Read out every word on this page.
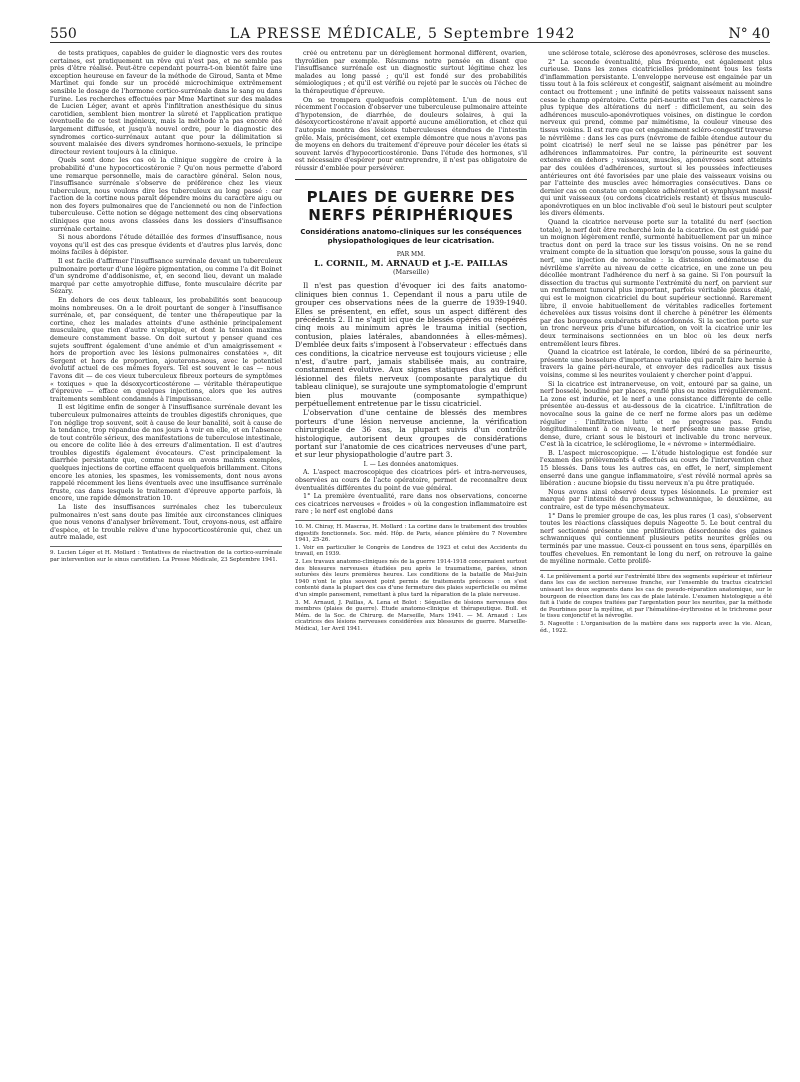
550	LA PRESSE MÉDICALE, 5 Septembre 1942	N° 40

de tests pratiques, capables de guider le diagnostic vers des routes certaines, est pratiquement un rêve qui n'est pas, et ne semble pas près d'être réalisé. Peut-être cependant pourra-t-on bientôt faire une exception heureuse en faveur de la méthode de Giroud, Santa et Mme Martinet qui fonde sur un procédé microchimique extrêmement sensible le dosage de l'hormone cortico-surrénale dans le sang ou dans l'urine. Les recherches effectuées par Mme Martinet sur des malades de Lucien Léger, avant et après l'infiltration anesthésique du sinus carotidien, semblent bien montrer la sûreté et l'application pratique éventuelle de ce test ingénieux, mais la méthode n'a pas encore été largement diffusée, et jusqu'à nouvel ordre, pour le diagnostic des syndromes cortico-surrénaux autant que pour la délimitation si souvent malaisée des divers syndromes hormono-sexuels, le principe directeur revient toujours à la clinique.

Quels sont donc les cas où la clinique suggère de croire à la probabilité d'une hypocorticostéronie ? Qu'on nous permette d'abord une remarque personnelle, mais de caractère général. Selon nous, l'insuffisance surrénale s'observe de préférence chez les vieux tuberculeux, nous voulons dire les tuberculeux au long passé : car l'action de la cortine nous paraît dépendre moins du caractère aigu ou non des foyers pulmonaires que de l'ancienneté ou non de l'infection tuberculeuse. Cette notion se dégage nettement des cinq observations cliniques que nous avons classées dans les dossiers d'insuffisance surrénale certaine.

Si nous abordons l'étude détaillée des formes d'insuffisance, nous voyons qu'il est des cas presque évidents et d'autres plus larvés, donc moins faciles à dépister.

Il est facile d'affirmer l'insuffisance surrénale devant un tuberculeux pulmonaire porteur d'une légère pigmentation, ou comme l'a dit Boinet d'un syndrome d'addisonisme, et, en second lieu, devant un malade marqué par cette amyotrophie diffuse, fonte musculaire décrite par Sézary.

En dehors de ces deux tableaux, les probabilités sont beaucoup moins nombreuses. On a le droit pourtant de songer à l'insuffisance surrénale, et, par conséquent, de tenter une thérapeutique par la cortine, chez les malades atteints d'une asthénie principalement musculaire, que rien d'autre n'explique, et dont la tension maxima demeure constamment basse. On doit surtout y penser quand ces sujets souffrent également d'une anémie et d'un amaigrissement « hors de proportion avec les lésions pulmonaires constatées », dit Sergent et hors de proportion, ajouterons-nous, avec le potentiel évolutif actuel de ces mêmes foyers. Tel est souvent le cas — nous l'avons dit — de ces vieux tuberculeux fibreux porteurs de symptômes « toxiques » que la désoxycorticostérone — véritable thérapeutique d'épreuve — efface en quelques injections, alors que les autres traitements semblent condamnés à l'impuissance.

Il est légitime enfin de songer à l'insuffisance surrénale devant les tuberculeux pulmonaires atteints de troubles digestifs chroniques, que l'on néglige trop souvent, soit à cause de leur banalité, soit à cause de la tendance, trop répandue de nos jours à voir en elle, et en l'absence de tout contrôle sérieux, des manifestations de tuberculose intestinale, ou encore de colite liée à des erreurs d'alimentation. Il est d'autres troubles digestifs également évocateurs. C'est principalement la diarrhée persistante que, comme nous en avons maints exemples, quelques injections de cortine effacent quelquefois brillamment. Citons encore les atonies, les spasmes, les vomissements, dont nous avons rappelé récemment les liens éventuels avec une insuffisance surrénale fruste, cas dans lesquels le traitement d'épreuve apporte parfois, là encore, une rapide démonstration 10.

La liste des insuffisances surrénales chez les tuberculeux pulmonaires n'est sans doute pas limitée aux circonstances cliniques que nous venons d'analyser brièvement. Tout, croyons-nous, est affaire d'espèce, et le trouble relève d'une hypocorticostéronie qui, chez un autre malade, est

9. Lucien Léger et H. Mollard : Tentatives de réactivation de la cortico-surrénale par intervention sur le sinus carotidien. La Presse Médicale, 23 Septembre 1941.

créé ou entretenu par un dérèglement hormonal différent, ovarien, thyroïdien par exemple. Résumons notre pensée en disant que l'insuffisance surrénale est un diagnostic surtout légitime chez les malades au long passé ; qu'il est fondé sur des probabilités sémiologiques ; et qu'il est vérifié ou rejeté par le succès ou l'échec de la thérapeutique d'épreuve.

On se trompera quelquefois complètement. L'un de nous eut récemment l'occasion d'observer une tuberculeuse pulmonaire atteinte d'hypotension, de diarrhée, de douleurs solaires, à qui la désoxycorticostérone n'avait apporté aucune amélioration, et chez qui l'autopsie montra des lésions tuberculeuses étendues de l'intestin grêle. Mais, précisément, cet exemple démontre que nous n'avons pas de moyens en dehors du traitement d'épreuve pour déceler les états si souvent larvés d'hypocorticostéronie. Dans l'étude des hormones, s'il est nécessaire d'espérer pour entreprendre, il n'est pas obligatoire de réussir d'emblée pour persévérer.

PLAIES DE GUERRE DES NERFS PÉRIPHÉRIQUES
Considérations anatomo-cliniques sur les conséquences physiopathologiques de leur cicatrisation.
PAR MM.
L. CORNIL, M. ARNAUD et J.-E. PAILLAS
(Marseille)

Il n'est pas question d'évoquer ici des faits anatomo-cliniques bien connus 1. Cependant il nous a paru utile de grouper ces observations nées de la guerre de 1939-1940. Elles se présentent, en effet, sous un aspect différent des précédents 2. Il ne s'agit ici que de blessés opérés ou réopérés cinq mois au minimum après le trauma initial (section, contusion, plaies latérales, abandonnées à elles-mêmes). D'emblée deux faits s'imposent à l'observateur : effectués dans ces conditions, la cicatrice nerveuse est toujours vicieuse ; elle n'est, d'autre part, jamais stabilisée mais, au contraire, constamment évolutive. Aux signes statiques dus au déficit lésionnel des filets nerveux (composante paralytique du tableau clinique), se surajoute une symptomatologie d'emprunt bien plus mouvante (composante sympathique) perpétuellement entretenue par le tissu cicatriciel.

L'observation d'une centaine de blessés des membres porteurs d'une lésion nerveuse ancienne, la vérification chirurgicale de 36 cas, la plupart suivis d'un contrôle histologique, autorisent deux groupes de considérations portant sur l'anatomie de ces cicatrices nerveuses d'une part, et sur leur physiopathologie d'autre part 3.

I. — Les données anatomiques.

A. L'aspect macroscopique des cicatrices péri- et intra-nerveuses, observées au cours de l'acte opératoire, permet de reconnaître deux éventualités différentes du point de vue général.

1° La première éventualité, rare dans nos observations, concerne ces cicatrices nerveuses « froides » où la congestion inflammatoire est rare ; le nerf est englobé dans

10. M. Chiray, H. Mascras, H. Mollard : La cortine dans le traitement des troubles digestifs fonctionnels. Soc. méd. Hôp. de Paris, séance plénière du 7 Novembre 1941, 25-26.

1. Voir en particulier le Congrès de Londres de 1923 et celui des Accidents du travail, en 1939.

2. Les travaux anatomo-cliniques nés de la guerre 1914-1918 concernaient surtout des blessures nerveuses étudiées peu après le traumatisme, parées, sinon suturées dès leurs premières heures. Les conditions de la bataille de Mai-Juin 1940 n'ont le plus souvent point permis de traitements précoces : on s'est contenté dans la plupart des cas d'une fermeture des plaies superficielle ou même d'un simple pansement, remettant à plus tard la réparation de la plaie nerveuse.

3. M. Arnaud, J. Paillas, A. Lena et Bolot : Séquelles de lésions nerveuses des membres (plaies de guerre). Etude anatomo-clinique et thérapeutique. Bull. et Mém. de la Soc. de Chirurg. de Marseille, Mars 1941. — M. Arnaud : Les cicatrices des lésions nerveuses considérées aux blessures de guerre. Marseille-Médical, 1er Avril 1941.

une sclérose totale, sclérose des aponévroses, sclérose des muscles.

2° La seconde éventualité, plus fréquente, est également plus curieuse. Dans les zones cicatricielles prédominent tous les tests d'inflammation persistante. L'enveloppe nerveuse est engainée par un tissu tout à la fois scléreux et congestif, saignant aisément au moindre contact ou frottement ; une infinité de petits vaisseaux naissent sans cesse le champ opératoire. Cette péri-neurite est l'un des caractères le plus typique des altérations du nerf : difficilement, au sein des adhérences musculo-aponévrotiques voisines, on distingue le cordon nerveux qui prend, comme par mimétisme, la couleur vineuse des tissus voisins. Il est rare que cet engainement scléro-congestif traverse le névrilème : dans les cas purs (névrome de faible étendue autour du point cicatrisé) le nerf seul ne se laisse pas pénétrer par les adhérences inflammatoires. Par contre, la périneurite est souvent extensive en dehors ; vaisseaux, muscles, aponévroses sont atteints par des coulées d'adhérences, surtout si les poussées infectieuses antérieures ont été favorisées par une plaie des vaisseaux voisins ou par l'atteinte des muscles avec hémorragies consécutives. Dans ce dernier cas on constate un complexe adhérentiel et symphysant massif qui unit vaisseaux (ou cordons cicatriciels restant) et tissus musculo-aponévrotiques en un bloc inclivable d'où seul le bistouri peut sculpter les divers éléments.

Quand la cicatrice nerveuse porte sur la totalité du nerf (section totale), le nerf doit être recherché loin de la cicatrice. On est guidé par un moignon légèrement renflé, surmonté habituellement par un mince tractus dont on perd la trace sur les tissus voisins. On ne se rend vraiment compte de la situation que lorsqu'on pousse, sous la gaine du nerf, une injection de novocaïne : la distension œdémateuse du névrilème s'arrête au niveau de cette cicatrice, en une zone un peu décollée montrant l'adhérence du nerf à sa gaine. Si l'on poursuit la dissection du tractus qui surmonte l'extrémité du nerf, on parvient sur un renflement tumoral plus important, parfois véritable plexus étalé, qui est le moignon cicatriciel du bout supérieur sectionné. Rarement libre, il envoie habituellement de véritables radicelles fortement échevelées aux tissus voisins dont il cherche à pénétrer les éléments par des bourgeons exubérants et désordonnés. Si la section porte sur un tronc nerveux pris d'une bifurcation, on voit la cicatrice unir les deux terminaisons sectionnées en un bloc où les deux nerfs entremêlent leurs fibres.

Quand la cicatrice est latérale, le cordon, libéré de sa périneurite, présente une bosselure d'importance variable qui paraît faire hernie à travers la gaine péri-neurale, et envoyer des radicelles aux tissus voisins, comme si les neurites voulaient y chercher point d'appui.

Si la cicatrice est intranerveuse, on voit, entouré par sa gaine, un nerf bosselé, boudiné par places, renflé plus ou moins irrégulièrement. La zone est indurée, et le nerf a une consistance différente de celle présentée au-dessus et au-dessous de la cicatrice. L'infiltration de novocaïne sous la gaine de ce nerf ne forme alors pas un œdème régulier : l'infiltration lutte et ne progresse pas. Fendu longitudinalement à ce niveau, le nerf présente une masse grise, dense, dure, criant sous le bistouri et inclivable du tronc nerveux. C'est là la cicatrice, le sclérogliome, le « névrome » intermédiaire.

B. L'aspect microscopique. — L'étude histologique est fondée sur l'examen des prélèvements 4 effectués au cours de l'intervention chez 15 blessés. Dans tous les autres cas, en effet, le nerf, simplement enserré dans une gangue inflammatoire, s'est révélé normal après sa libération : aucune biopsie du tissu nerveux n'a pu être pratiquée.

Nous avons ainsi observé deux types lésionnels. Le premier est marqué par l'intensité du processus schwannique, le deuxième, au contraire, est de type mésenchymateux.

1° Dans le premier groupe de cas, les plus rares (1 cas), s'observent toutes les réactions classiques depuis Nageotte 5. Le bout central du nerf sectionné présente une prolifération désordonnée des gaines schwanniques qui contiennent plusieurs petits neurites grêles ou terminés par une massue. Ceux-ci poussent en tous sens, éparpillés en touffes chevelues. En remontant le long du nerf, on retrouve la gaine de myéline normale. Cette prolifé-

4. Le prélèvement a porté sur l'extrémité libre des segments supérieur et inférieur dans les cas de section nerveuse franche, sur l'ensemble du tractus cicatriciel unissant les deux segments dans les cas de pseudo-réparation anatomique, sur le bourgeon de résection dans les cas de plaie latérale. L'examen histologique a été fait à l'aide de coupes traitées par l'argentation pour les neurites, par la méthode de Pourbines pour la myéline, et par l'hématéine-érythrosine et le trichrome pour le tissu conjonctif et la névroglie.

5. Nageotte : L'organisation de la matière dans ses rapports avec la vie. Alcan, éd., 1922.
